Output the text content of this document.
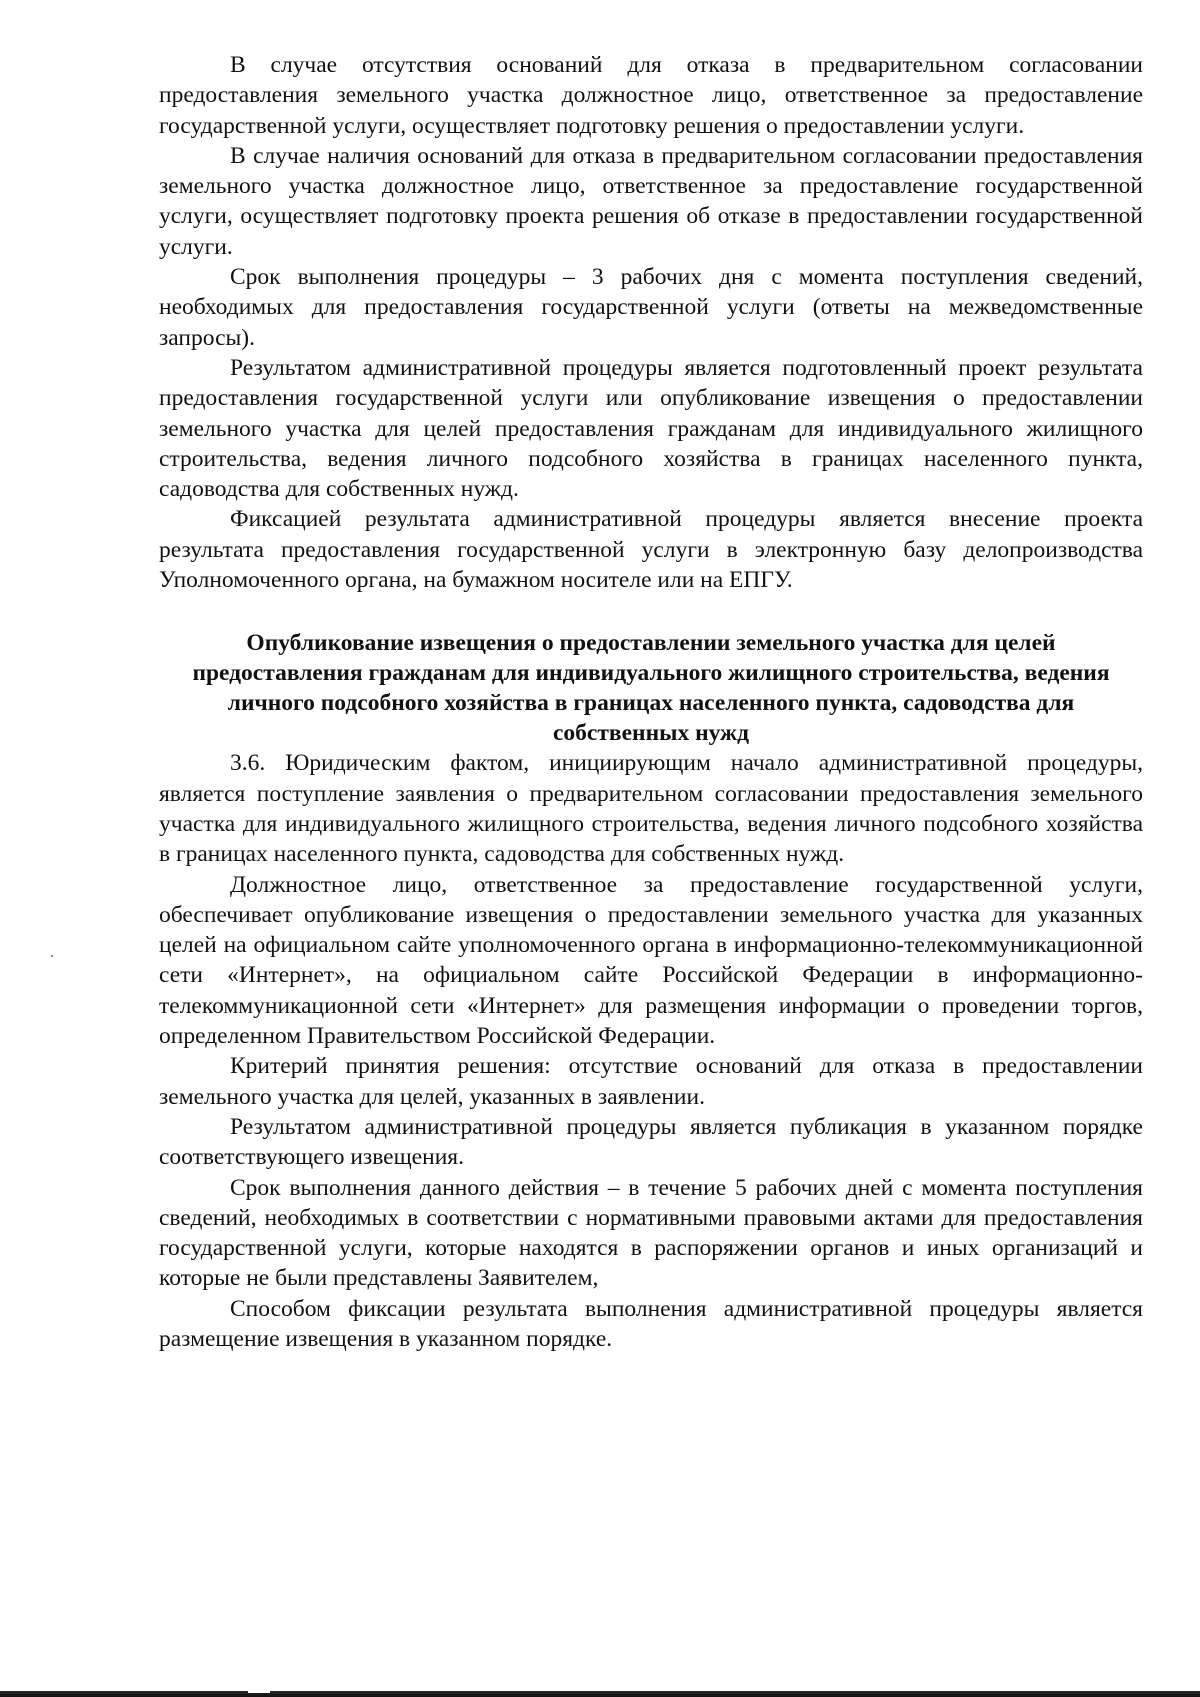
В случае отсутствия оснований для отказа в предварительном согласовании предоставления земельного участка должностное лицо, ответственное за предоставление государственной услуги, осуществляет подготовку решения о предоставлении услуги.

В случае наличия оснований для отказа в предварительном согласовании предоставления земельного участка должностное лицо, ответственное за предоставление государственной услуги, осуществляет подготовку проекта решения об отказе в предоставлении государственной услуги.

Срок выполнения процедуры – 3 рабочих дня с момента поступления сведений, необходимых для предоставления государственной услуги (ответы на межведомственные запросы).

Результатом административной процедуры является подготовленный проект результата предоставления государственной услуги или опубликование извещения о предоставлении земельного участка для целей предоставления гражданам для индивидуального жилищного строительства, ведения личного подсобного хозяйства в границах населенного пункта, садоводства для собственных нужд.

Фиксацией результата административной процедуры является внесение проекта результата предоставления государственной услуги в электронную базу делопроизводства Уполномоченного органа, на бумажном носителе или на ЕПГУ.

Опубликование извещения о предоставлении земельного участка для целей предоставления гражданам для индивидуального жилищного строительства, ведения личного подсобного хозяйства в границах населенного пункта, садоводства для собственных нужд

3.6. Юридическим фактом, инициирующим начало административной процедуры, является поступление заявления о предварительном согласовании предоставления земельного участка для индивидуального жилищного строительства, ведения личного подсобного хозяйства в границах населенного пункта, садоводства для собственных нужд.

Должностное лицо, ответственное за предоставление государственной услуги, обеспечивает опубликование извещения о предоставлении земельного участка для указанных целей на официальном сайте уполномоченного органа в информационно-телекоммуникационной сети «Интернет», на официальном сайте Российской Федерации в информационно-телекоммуникационной сети «Интернет» для размещения информации о проведении торгов, определенном Правительством Российской Федерации.

Критерий принятия решения: отсутствие оснований для отказа в предоставлении земельного участка для целей, указанных в заявлении.

Результатом административной процедуры является публикация в указанном порядке соответствующего извещения.

Срок выполнения данного действия – в течение 5 рабочих дней с момента поступления сведений, необходимых в соответствии с нормативными правовыми актами для предоставления государственной услуги, которые находятся в распоряжении органов и иных организаций и которые не были представлены Заявителем,

Способом фиксации результата выполнения административной процедуры является размещение извещения в указанном порядке.
